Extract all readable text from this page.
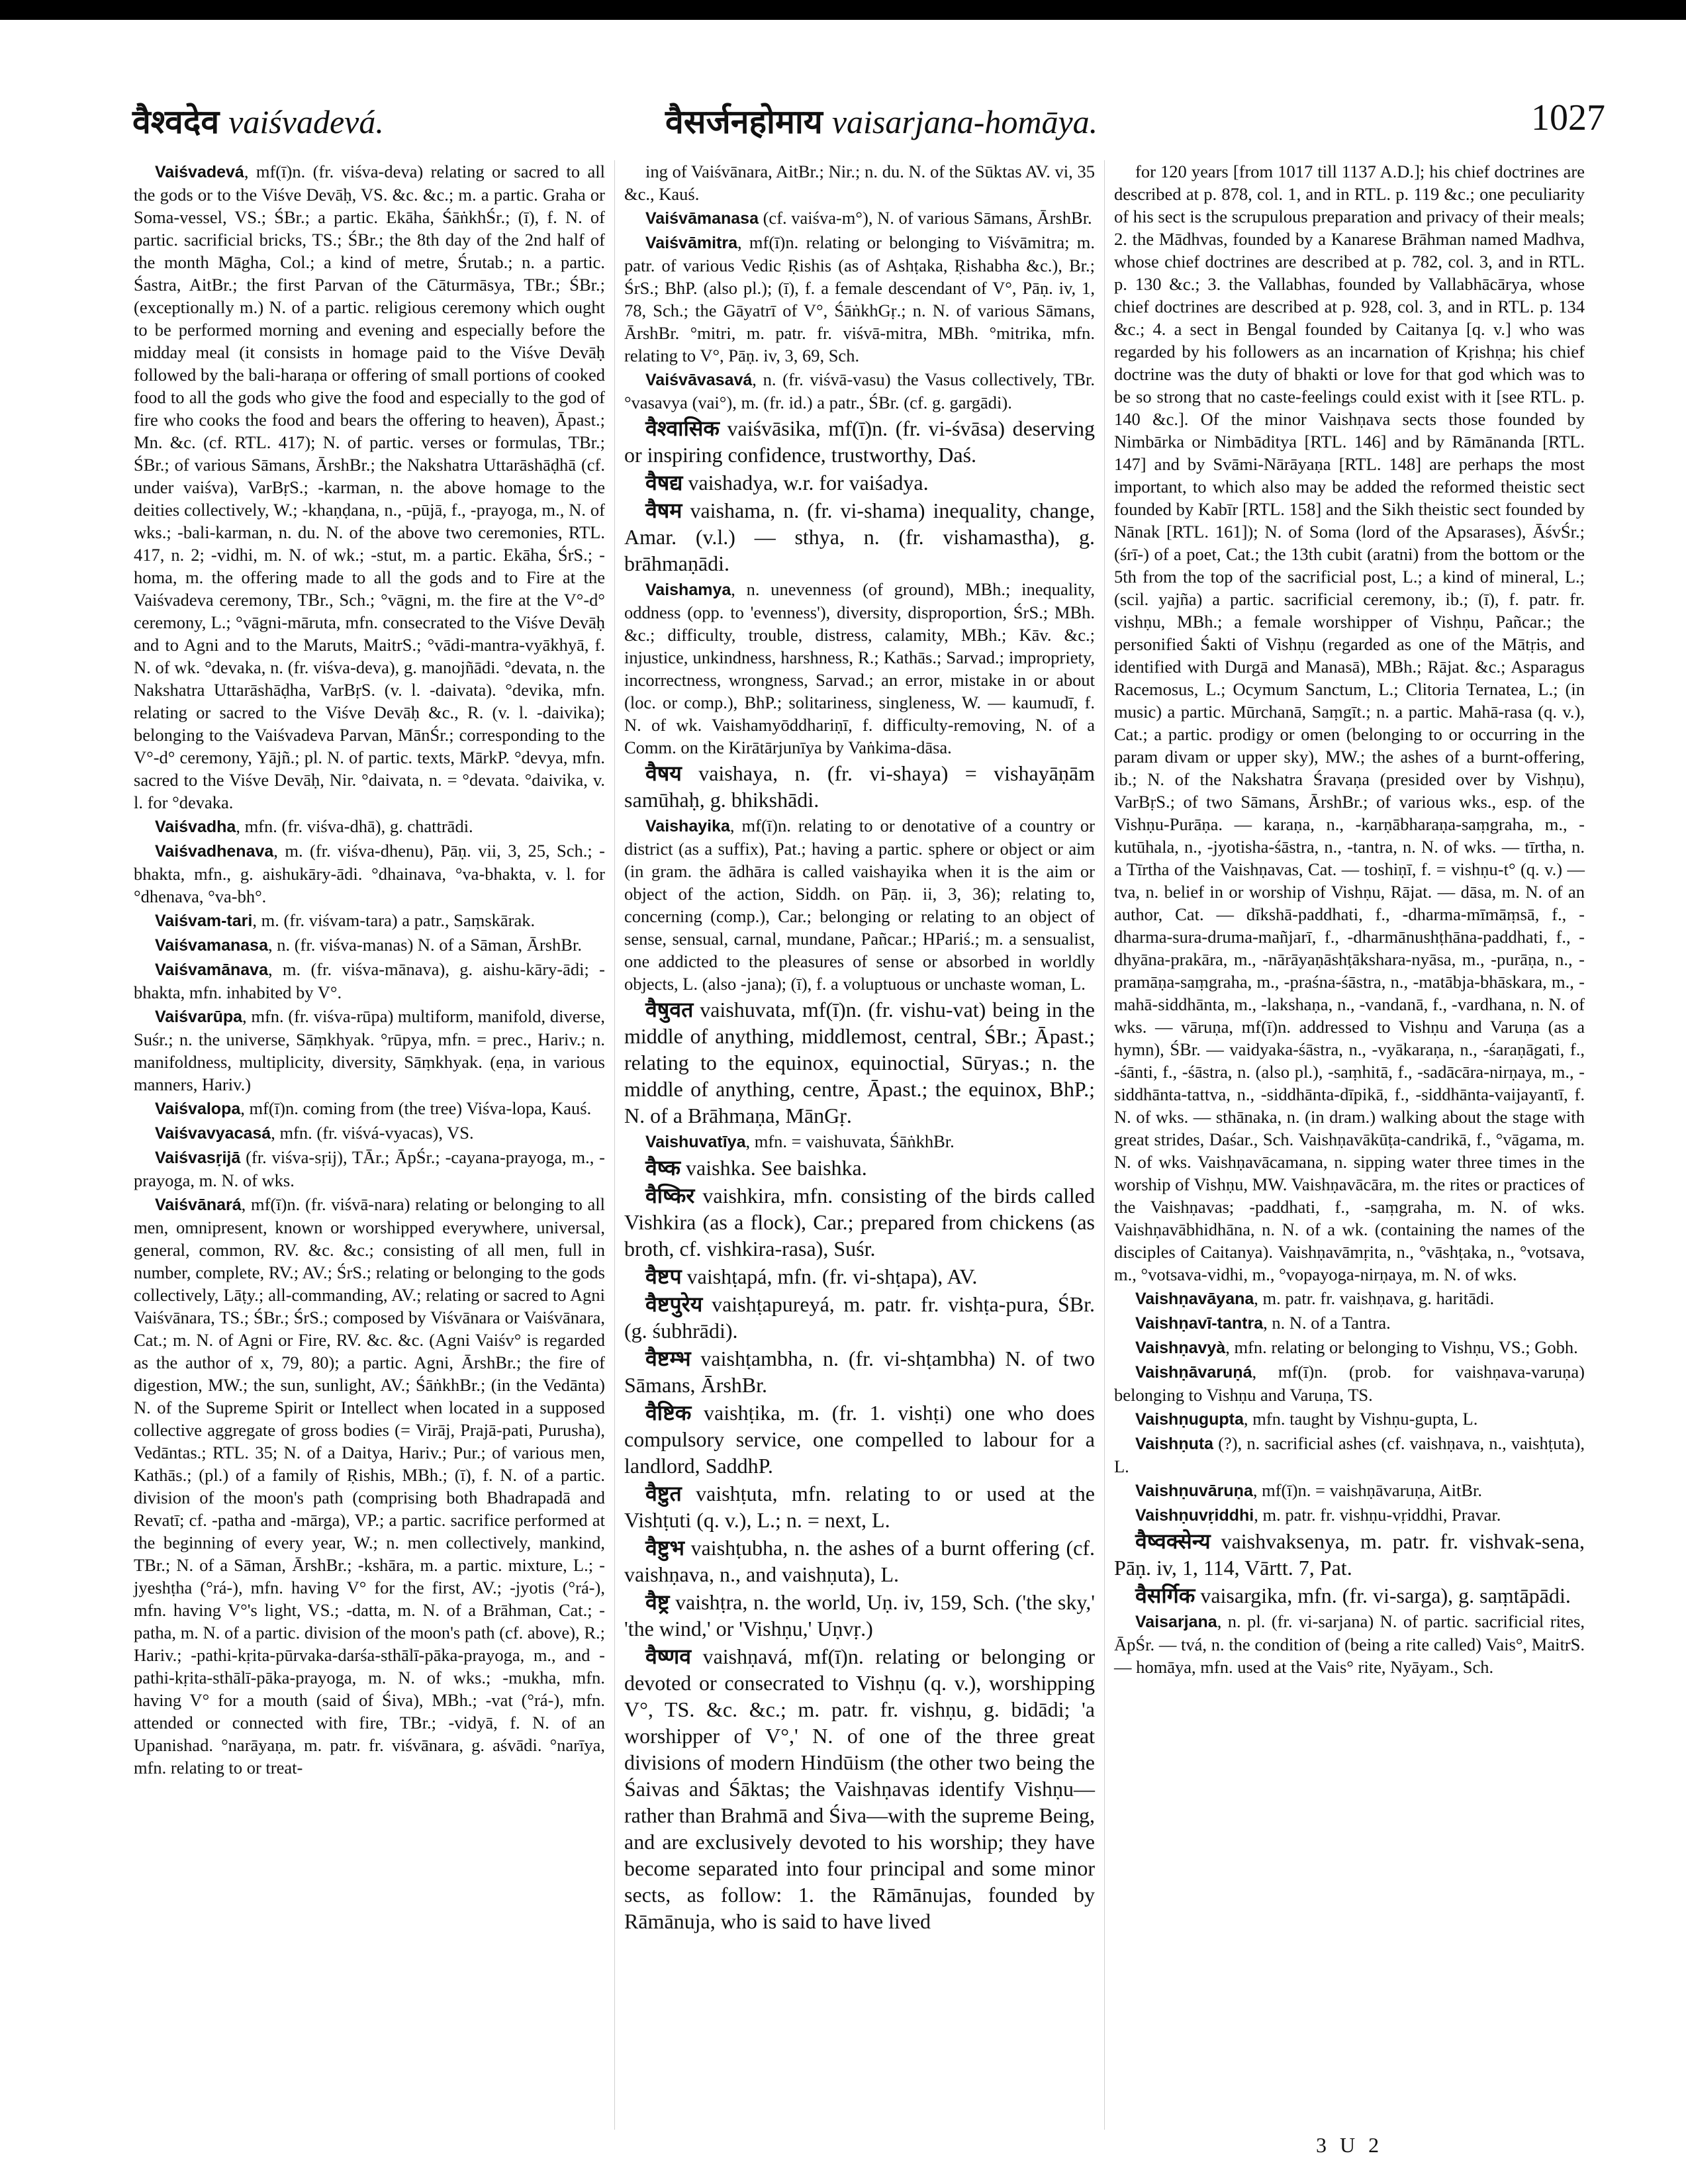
वैश्वदेव vaiśvadevá.	वैसर्जनहोमाय vaisarjana-homāya.	1027

Vaiśvadevá, mf(ī)n. (fr. viśva-deva) relating or sacred to all the gods or to the Viśve Devāḥ, VS. &c. &c.; m. a partic. Graha or Soma-vessel, VS.; ŚBr.; a partic. Ekāha, ŚāṅkhŚr.; (ī), f. N. of partic. sacrificial bricks, TS.; ŚBr.; the 8th day of the 2nd half of the month Māgha, Col.; a kind of metre, Śrutab.; n. a partic. Śastra, AitBr.; the first Parvan of the Cāturmāsya, TBr.; ŚBr.; (exceptionally m.) N. of a partic. religious ceremony which ought to be performed morning and evening and especially before the midday meal (it consists in homage paid to the Viśve Devāḥ followed by the bali-haraṇa or offering of small portions of cooked food to all the gods who give the food and especially to the god of fire who cooks the food and bears the offering to heaven), Āpast.; Mn. &c. (cf. RTL. 417); N. of partic. verses or formulas, TBr.; ŚBr.; of various Sāmans, ĀrshBr.; the Nakshatra Uttarāshāḍhā (cf. under vaiśva), VarBṛS.; -karman, n. the above homage to the deities collectively, W.; -khaṇḍana, n., -pūjā, f., -prayoga, m., N. of wks.; -bali-karman, n. du. N. of the above two ceremonies, RTL. 417, n. 2; -vidhi, m. N. of wk.; -stut, m. a partic. Ekāha, ŚrS.; -homa, m. the offering made to all the gods and to Fire at the Vaiśvadeva ceremony, TBr., Sch.; °vāgni, m. the fire at the V°-d° ceremony, L.; °vāgni-māruta, mfn. consecrated to the Viśve Devāḥ and to Agni and to the Maruts, MaitrS.; °vādi-mantra-vyākhyā, f. N. of wk. °devaka, n. (fr. viśva-deva), g. manojñādi. °devata, n. the Nakshatra Uttarāshāḍha, VarBṛS. (v. l. -daivata). °devika, mfn. relating or sacred to the Viśve Devāḥ &c., R. (v. l. -daivika); belonging to the Vaiśvadeva Parvan, MānŚr.; corresponding to the V°-d° ceremony, Yājñ.; pl. N. of partic. texts, MārkP. °devya, mfn. sacred to the Viśve Devāḥ, Nir. °daivata, n. = °devata. °daivika, v. l. for °devaka.

Vaiśvadha, mfn. (fr. viśva-dhā), g. chattrādi.

Vaiśvadhenava, m. (fr. viśva-dhenu), Pāṇ. vii, 3, 25, Sch.; -bhakta, mfn., g. aishukāry-ādi. °dhainava, °va-bhakta, v. l. for °dhenava, °va-bh°.

Vaiśvam-tari, m. (fr. viśvam-tara) a patr., Saṃskārak.

Vaiśvamanasa, n. (fr. viśva-manas) N. of a Sāman, ĀrshBr.

Vaiśvamānava, m. (fr. viśva-mānava), g. aishu-kāry-ādi; -bhakta, mfn. inhabited by V°.

Vaiśvarūpa, mfn. (fr. viśva-rūpa) multiform, manifold, diverse, Suśr.; n. the universe, Sāṃkhyak. °rūpya, mfn. = prec., Hariv.; n. manifoldness, multiplicity, diversity, Sāṃkhyak. (eṇa, in various manners, Hariv.)

Vaiśvalopa, mf(ī)n. coming from (the tree) Viśva-lopa, Kauś.

Vaiśvavyacasá, mfn. (fr. viśvá-vyacas), VS.

Vaiśvasṛijā (fr. viśva-sṛij), TĀr.; ĀpŚr.; -cayana-prayoga, m., -prayoga, m. N. of wks.

Vaiśvānará, mf(ī)n. (fr. viśvā-nara) relating or belonging to all men, omnipresent, known or worshipped everywhere, universal, general, common, RV. &c. &c.; consisting of all men, full in number, complete, RV.; AV.; ŚrS.; relating or belonging to the gods collectively, Lāṭy.; all-commanding, AV.; relating or sacred to Agni Vaiśvānara, TS.; ŚBr.; ŚrS.; composed by Viśvānara or Vaiśvānara, Cat.; m. N. of Agni or Fire, RV. &c. &c. (Agni Vaiśv° is regarded as the author of x, 79, 80); a partic. Agni, ĀrshBr.; the fire of digestion, MW.; the sun, sunlight, AV.; ŚāṅkhBr.; (in the Vedānta) N. of the Supreme Spirit or Intellect when located in a supposed collective aggregate of gross bodies (= Virāj, Prajā-pati, Purusha), Vedāntas.; RTL. 35; N. of a Daitya, Hariv.; Pur.; of various men, Kathās.; (pl.) of a family of Ṛishis, MBh.; (ī), f. N. of a partic. division of the moon's path (comprising both Bhadrapadā and Revatī; cf. -patha and -mārga), VP.; a partic. sacrifice performed at the beginning of every year, W.; n. men collectively, mankind, TBr.; N. of a Sāman, ĀrshBr.; -kshāra, m. a partic. mixture, L.; -jyeshṭha (°rá-), mfn. having V° for the first, AV.; -jyotis (°rá-), mfn. having V°'s light, VS.; -datta, m. N. of a Brāhman, Cat.; -patha, m. N. of a partic. division of the moon's path (cf. above), R.; Hariv.; -pathi-kṛita-pūrvaka-darśa-sthālī-pāka-prayoga, m., and -pathi-kṛita-sthālī-pāka-prayoga, m. N. of wks.; -mukha, mfn. having V° for a mouth (said of Śiva), MBh.; -vat (°rá-), mfn. attended or connected with fire, TBr.; -vidyā, f. N. of an Upanishad. °narāyaṇa, m. patr. fr. viśvānara, g. aśvādi. °narīya, mfn. relating to or treat-

ing of Vaiśvānara, AitBr.; Nir.; n. du. N. of the Sūktas AV. vi, 35 &c., Kauś.

Vaiśvāmanasa (cf. vaiśva-m°), N. of various Sāmans, ĀrshBr.

Vaiśvāmitra, mf(ī)n. relating or belonging to Viśvāmitra; m. patr. of various Vedic Ṛishis (as of Ashṭaka, Ṛishabha &c.), Br.; ŚrS.; BhP. (also pl.); (ī), f. a female descendant of V°, Pāṇ. iv, 1, 78, Sch.; the Gāyatrī of V°, ŚāṅkhGṛ.; n. N. of various Sāmans, ĀrshBr. °mitri, m. patr. fr. viśvā-mitra, MBh. °mitrika, mfn. relating to V°, Pāṇ. iv, 3, 69, Sch.

Vaiśvāvasavá, n. (fr. viśvā-vasu) the Vasus collectively, TBr. °vasavya (vai°), m. (fr. id.) a patr., ŚBr. (cf. g. gargādi).

वैश्वासिक vaiśvāsika, mf(ī)n. (fr. vi-śvāsa) deserving or inspiring confidence, trustworthy, Daś.

वैषद्य vaishadya, w.r. for vaiśadya.

वैषम vaishama, n. (fr. vi-shama) inequality, change, Amar. (v.l.) — sthya, n. (fr. vishamastha), g. brāhmaṇādi.

Vaishamya, n. unevenness (of ground), MBh.; inequality, oddness (opp. to 'evenness'), diversity, disproportion, ŚrS.; MBh. &c.; difficulty, trouble, distress, calamity, MBh.; Kāv. &c.; injustice, unkindness, harshness, R.; Kathās.; Sarvad.; impropriety, incorrectness, wrongness, Sarvad.; an error, mistake in or about (loc. or comp.), BhP.; solitariness, singleness, W. — kaumudī, f. N. of wk. Vaishamyōddhariṇī, f. difficulty-removing, N. of a Comm. on the Kirātārjunīya by Vaṅkima-dāsa.

वैषय vaishaya, n. (fr. vi-shaya) = vishayāṇām samūhaḥ, g. bhikshādi.

Vaishayika, mf(ī)n. relating to or denotative of a country or district (as a suffix), Pat.; having a partic. sphere or object or aim (in gram. the ādhāra is called vaishayika when it is the aim or object of the action, Siddh. on Pāṇ. ii, 3, 36); relating to, concerning (comp.), Car.; belonging or relating to an object of sense, sensual, carnal, mundane, Pañcar.; HPariś.; m. a sensualist, one addicted to the pleasures of sense or absorbed in worldly objects, L. (also -jana); (ī), f. a voluptuous or unchaste woman, L.

वैषुवत vaishuvata, mf(ī)n. (fr. vishu-vat) being in the middle of anything, middlemost, central, ŚBr.; Āpast.; relating to the equinox, equinoctial, Sūryas.; n. the middle of anything, centre, Āpast.; the equinox, BhP.; N. of a Brāhmaṇa, MānGṛ.

Vaishuvatīya, mfn. = vaishuvata, ŚāṅkhBr.

वैष्क vaishka. See baishka.

वैष्किर vaishkira, mfn. consisting of the birds called Vishkira (as a flock), Car.; prepared from chickens (as broth, cf. vishkira-rasa), Suśr.

वैष्टप vaishṭapá, mfn. (fr. vi-shṭapa), AV.

वैष्टपुरेय vaishṭapureyá, m. patr. fr. vishṭa-pura, ŚBr. (g. śubhrādi).

वैष्टम्भ vaishṭambha, n. (fr. vi-shṭambha) N. of two Sāmans, ĀrshBr.

वैष्टिक vaishṭika, m. (fr. 1. vishṭi) one who does compulsory service, one compelled to labour for a landlord, SaddhP.

वैष्टुत vaishṭuta, mfn. relating to or used at the Vishṭuti (q. v.), L.; n. = next, L.

वैष्टुभ vaishṭubha, n. the ashes of a burnt offering (cf. vaishṇava, n., and vaishṇuta), L.

वैष्ट्र vaishṭra, n. the world, Uṇ. iv, 159, Sch. ('the sky,' 'the wind,' or 'Vishṇu,' Uṇvṛ.)

वैष्णव vaishṇavá, mf(ī)n. relating or belonging or devoted or consecrated to Vishṇu (q. v.), worshipping V°, TS. &c. &c.; m. patr. fr. vishṇu, g. bidādi; 'a worshipper of V°,' N. of one of the three great divisions of modern Hindūism (the other two being the Śaivas and Śāktas; the Vaishṇavas identify Vishṇu—rather than Brahmā and Śiva—with the supreme Being, and are exclusively devoted to his worship; they have become separated into four principal and some minor sects, as follow: 1. the Rāmānujas, founded by Rāmānuja, who is said to have lived

for 120 years [from 1017 till 1137 A.D.]; his chief doctrines are described at p. 878, col. 1, and in RTL. p. 119 &c.; one peculiarity of his sect is the scrupulous preparation and privacy of their meals; 2. the Mādhvas, founded by a Kanarese Brāhman named Madhva, whose chief doctrines are described at p. 782, col. 3, and in RTL. p. 130 &c.; 3. the Vallabhas, founded by Vallabhācārya, whose chief doctrines are described at p. 928, col. 3, and in RTL. p. 134 &c.; 4. a sect in Bengal founded by Caitanya [q. v.] who was regarded by his followers as an incarnation of Kṛishṇa; his chief doctrine was the duty of bhakti or love for that god which was to be so strong that no caste-feelings could exist with it [see RTL. p. 140 &c.]. Of the minor Vaishṇava sects those founded by Nimbārka or Nimbāditya [RTL. 146] and by Rāmānanda [RTL. 147] and by Svāmi-Nārāyaṇa [RTL. 148] are perhaps the most important, to which also may be added the reformed theistic sect founded by Kabīr [RTL. 158] and the Sikh theistic sect founded by Nānak [RTL. 161]); N. of Soma (lord of the Apsarases), ĀśvŚr.; (śrī-) of a poet, Cat.; the 13th cubit (aratni) from the bottom or the 5th from the top of the sacrificial post, L.; a kind of mineral, L.; (scil. yajña) a partic. sacrificial ceremony, ib.; (ī), f. patr. fr. vishṇu, MBh.; a female worshipper of Vishṇu, Pañcar.; the personified Śakti of Vishṇu (regarded as one of the Mātṛis, and identified with Durgā and Manasā), MBh.; Rājat. &c.; Asparagus Racemosus, L.; Ocymum Sanctum, L.; Clitoria Ternatea, L.; (in music) a partic. Mūrchanā, Saṃgīt.; n. a partic. Mahā-rasa (q. v.), Cat.; a partic. prodigy or omen (belonging to or occurring in the param divam or upper sky), MW.; the ashes of a burnt-offering, ib.; N. of the Nakshatra Śravaṇa (presided over by Vishṇu), VarBṛS.; of two Sāmans, ĀrshBr.; of various wks., esp. of the Vishṇu-Purāṇa. — karaṇa, n., -karṇābharaṇa-saṃgraha, m., -kutūhala, n., -jyotisha-śāstra, n., -tantra, n. N. of wks. — tīrtha, n. a Tīrtha of the Vaishṇavas, Cat. — toshiṇī, f. = vishṇu-t° (q. v.) — tva, n. belief in or worship of Vishṇu, Rājat. — dāsa, m. N. of an author, Cat. — dīkshā-paddhati, f., -dharma-mīmāṃsā, f., -dharma-sura-druma-mañjarī, f., -dharmānushṭhāna-paddhati, f., -dhyāna-prakāra, m., -nārāyaṇāshṭākshara-nyāsa, m., -purāṇa, n., -pramāṇa-saṃgraha, m., -praśna-śāstra, n., -matābja-bhāskara, m., -mahā-siddhānta, m., -lakshaṇa, n., -vandanā, f., -vardhana, n. N. of wks. — vāruṇa, mf(ī)n. addressed to Vishṇu and Varuṇa (as a hymn), ŚBr. — vaidyaka-śāstra, n., -vyākaraṇa, n., -śaraṇāgati, f., -śānti, f., -śāstra, n. (also pl.), -saṃhitā, f., -sadācāra-nirṇaya, m., -siddhānta-tattva, n., -siddhānta-dīpikā, f., -siddhānta-vaijayantī, f. N. of wks. — sthānaka, n. (in dram.) walking about the stage with great strides, Daśar., Sch. Vaishṇavākūṭa-candrikā, f., °vāgama, m. N. of wks. Vaishṇavācamana, n. sipping water three times in the worship of Vishṇu, MW. Vaishṇavācāra, m. the rites or practices of the Vaishṇavas; -paddhati, f., -saṃgraha, m. N. of wks. Vaishṇavābhidhāna, n. N. of a wk. (containing the names of the disciples of Caitanya). Vaishṇavāmṛita, n., °vāshṭaka, n., °votsava, m., °votsava-vidhi, m., °vopayoga-nirṇaya, m. N. of wks.

Vaishṇavāyana, m. patr. fr. vaishṇava, g. haritādi.

Vaishṇavī-tantra, n. N. of a Tantra.

Vaishṇavyà, mfn. relating or belonging to Vishṇu, VS.; Gobh.

Vaishṇāvaruṇá, mf(ī)n. (prob. for vaishṇava-varuṇa) belonging to Vishṇu and Varuṇa, TS.

Vaishṇugupta, mfn. taught by Vishṇu-gupta, L.

Vaishṇuta (?), n. sacrificial ashes (cf. vaishṇava, n., vaishṭuta), L.

Vaishṇuvāruṇa, mf(ī)n. = vaishṇāvaruṇa, AitBr.

Vaishṇuvṛiddhi, m. patr. fr. vishṇu-vṛiddhi, Pravar.

वैष्वक्सेन्य vaishvaksenya, m. patr. fr. vishvak-sena, Pāṇ. iv, 1, 114, Vārtt. 7, Pat.

वैसर्गिक vaisargika, mfn. (fr. vi-sarga), g. saṃtāpādi.

Vaisarjana, n. pl. (fr. vi-sarjana) N. of partic. sacrificial rites, ĀpŚr. — tvá, n. the condition of (being a rite called) Vais°, MaitrS. — homāya, mfn. used at the Vais° rite, Nyāyam., Sch.

3 U 2
